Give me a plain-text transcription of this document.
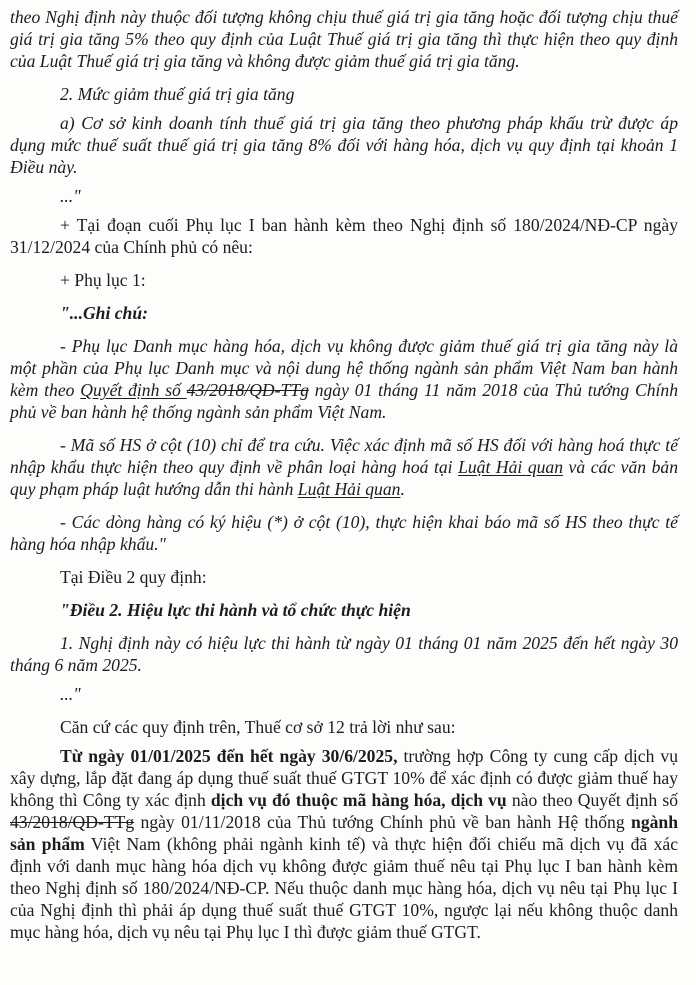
theo Nghị định này thuộc đối tượng không chịu thuế giá trị gia tăng hoặc đối tượng chịu thuế giá trị gia tăng 5% theo quy định của Luật Thuế giá trị gia tăng thì thực hiện theo quy định của Luật Thuế giá trị gia tăng và không được giảm thuế giá trị gia tăng.

2. Mức giảm thuế giá trị gia tăng

a) Cơ sở kinh doanh tính thuế giá trị gia tăng theo phương pháp khấu trừ được áp dụng mức thuế suất thuế giá trị gia tăng 8% đối với hàng hóa, dịch vụ quy định tại khoản 1 Điều này.

..."

+ Tại đoạn cuối Phụ lục I ban hành kèm theo Nghị định số 180/2024/NĐ-CP ngày 31/12/2024 của Chính phủ có nêu:

+ Phụ lục 1:

"...Ghi chú:

- Phụ lục Danh mục hàng hóa, dịch vụ không được giảm thuế giá trị gia tăng này là một phần của Phụ lục Danh mục và nội dung hệ thống ngành sản phẩm Việt Nam ban hành kèm theo Quyết định số 43/2018/QĐ-TTg ngày 01 tháng 11 năm 2018 của Thủ tướng Chính phủ về ban hành hệ thống ngành sản phẩm Việt Nam.

- Mã số HS ở cột (10) chỉ để tra cứu. Việc xác định mã số HS đối với hàng hoá thực tế nhập khẩu thực hiện theo quy định về phân loại hàng hoá tại Luật Hải quan và các văn bản quy phạm pháp luật hướng dẫn thi hành Luật Hải quan.

- Các dòng hàng có ký hiệu (*) ở cột (10), thực hiện khai báo mã số HS theo thực tế hàng hóa nhập khẩu."

Tại Điều 2 quy định:

"Điều 2. Hiệu lực thi hành và tổ chức thực hiện

1. Nghị định này có hiệu lực thi hành từ ngày 01 tháng 01 năm 2025 đến hết ngày 30 tháng 6 năm 2025.

..."

Căn cứ các quy định trên, Thuế cơ sở 12 trả lời như sau:

Từ ngày 01/01/2025 đến hết ngày 30/6/2025, trường hợp Công ty cung cấp dịch vụ xây dựng, lắp đặt đang áp dụng thuế suất thuế GTGT 10% để xác định có được giảm thuế hay không thì Công ty xác định dịch vụ đó thuộc mã hàng hóa, dịch vụ nào theo Quyết định số 43/2018/QĐ-TTg ngày 01/11/2018 của Thủ tướng Chính phủ về ban hành Hệ thống ngành sản phẩm Việt Nam (không phải ngành kinh tế) và thực hiện đối chiếu mã dịch vụ đã xác định với danh mục hàng hóa dịch vụ không được giảm thuế nêu tại Phụ lục I ban hành kèm theo Nghị định số 180/2024/NĐ-CP. Nếu thuộc danh mục hàng hóa, dịch vụ nêu tại Phụ lục I của Nghị định thì phải áp dụng thuế suất thuế GTGT 10%, ngược lại nếu không thuộc danh mục hàng hóa, dịch vụ nêu tại Phụ lục I thì được giảm thuế GTGT.
